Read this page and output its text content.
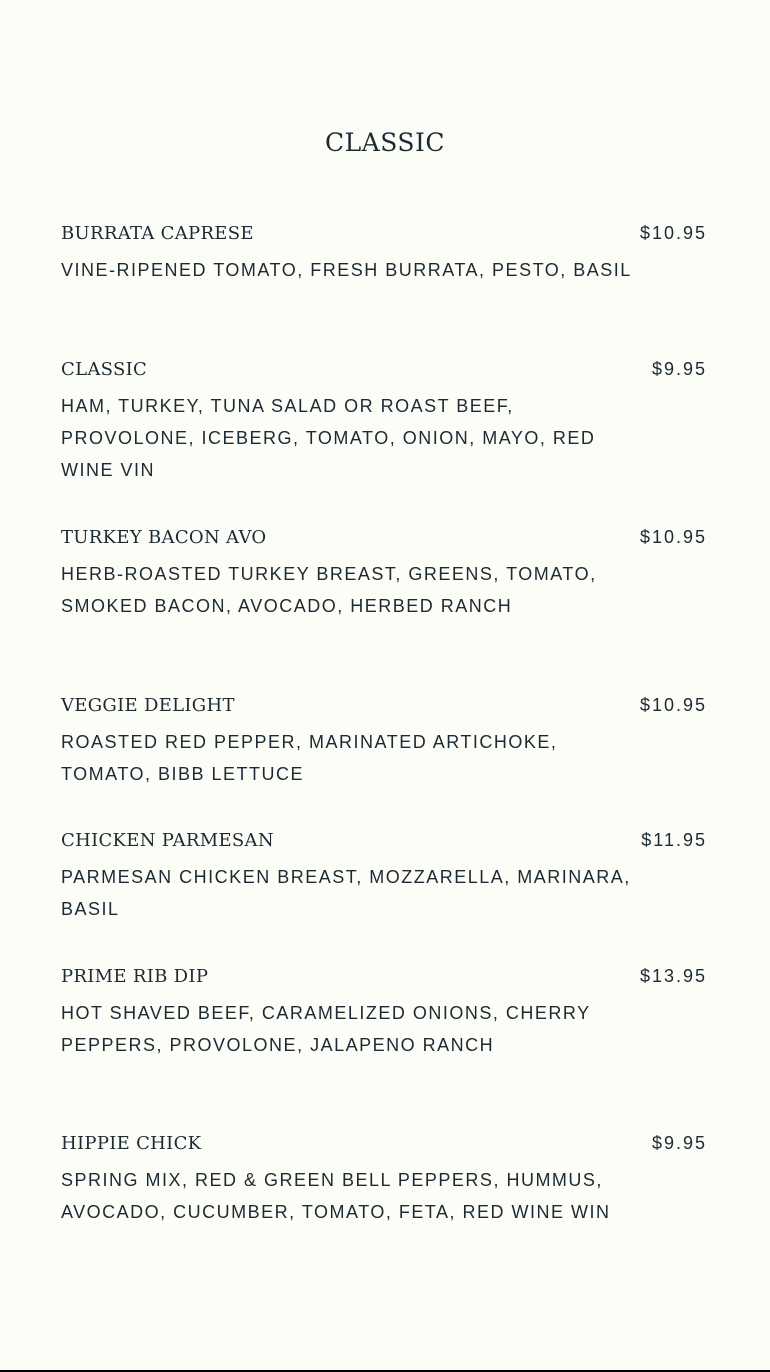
CLASSIC
BURRATA CAPRESE	$10.95
VINE-RIPENED TOMATO, FRESH BURRATA, PESTO, BASIL
CLASSIC	$9.95
HAM, TURKEY, TUNA SALAD OR ROAST BEEF, PROVOLONE, ICEBERG, TOMATO, ONION, MAYO, RED WINE VIN
TURKEY BACON AVO	$10.95
HERB-ROASTED TURKEY BREAST, GREENS, TOMATO, SMOKED BACON, AVOCADO, HERBED RANCH
VEGGIE DELIGHT	$10.95
ROASTED RED PEPPER, MARINATED ARTICHOKE, TOMATO, BIBB LETTUCE
CHICKEN PARMESAN	$11.95
PARMESAN CHICKEN BREAST, MOZZARELLA, MARINARA, BASIL
PRIME RIB DIP	$13.95
HOT SHAVED BEEF, CARAMELIZED ONIONS, CHERRY PEPPERS, PROVOLONE, JALAPENO RANCH
HIPPIE CHICK	$9.95
SPRING MIX, RED & GREEN BELL PEPPERS, HUMMUS, AVOCADO, CUCUMBER, TOMATO, FETA, RED WINE WIN
